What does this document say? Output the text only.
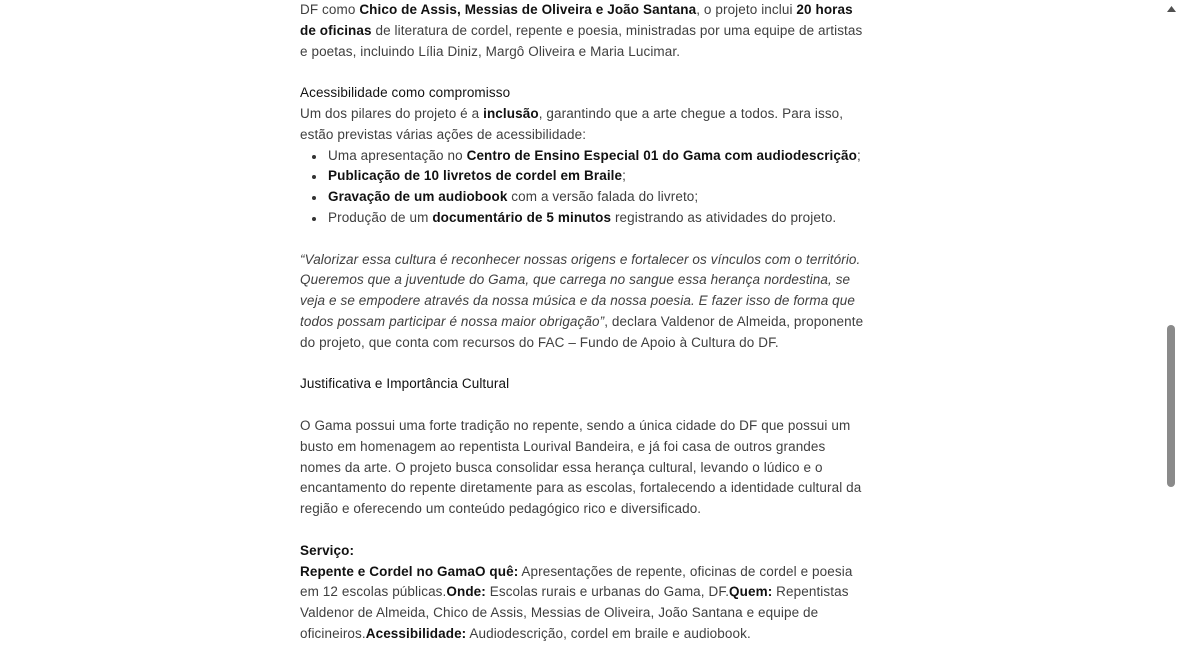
DF como Chico de Assis, Messias de Oliveira e João Santana, o projeto inclui 20 horas de oficinas de literatura de cordel, repente e poesia, ministradas por uma equipe de artistas e poetas, incluindo Lília Diniz, Margô Oliveira e Maria Lucimar.

Acessibilidade como compromisso

Um dos pilares do projeto é a inclusão, garantindo que a arte chegue a todos. Para isso, estão previstas várias ações de acessibilidade:

Uma apresentação no Centro de Ensino Especial 01 do Gama com audiodescrição;
Publicação de 10 livretos de cordel em Braile;
Gravação de um audiobook com a versão falada do livreto;
Produção de um documentário de 5 minutos registrando as atividades do projeto.

“Valorizar essa cultura é reconhecer nossas origens e fortalecer os vínculos com o território. Queremos que a juventude do Gama, que carrega no sangue essa herança nordestina, se veja e se empodere através da nossa música e da nossa poesia. E fazer isso de forma que todos possam participar é nossa maior obrigação”, declara Valdenor de Almeida, proponente do projeto, que conta com recursos do FAC – Fundo de Apoio à Cultura do DF.

Justificativa e Importância Cultural

O Gama possui uma forte tradição no repente, sendo a única cidade do DF que possui um busto em homenagem ao repentista Lourival Bandeira, e já foi casa de outros grandes nomes da arte. O projeto busca consolidar essa herança cultural, levando o lúdico e o encantamento do repente diretamente para as escolas, fortalecendo a identidade cultural da região e oferecendo um conteúdo pedagógico rico e diversificado.

Serviço:

Repente e Cordel no GamaO quê: Apresentações de repente, oficinas de cordel e poesia em 12 escolas públicas.Onde: Escolas rurais e urbanas do Gama, DF.Quem: Repentistas Valdenor de Almeida, Chico de Assis, Messias de Oliveira, João Santana e equipe de oficineiros.Acessibilidade: Audiodescrição, cordel em braile e audiobook.
